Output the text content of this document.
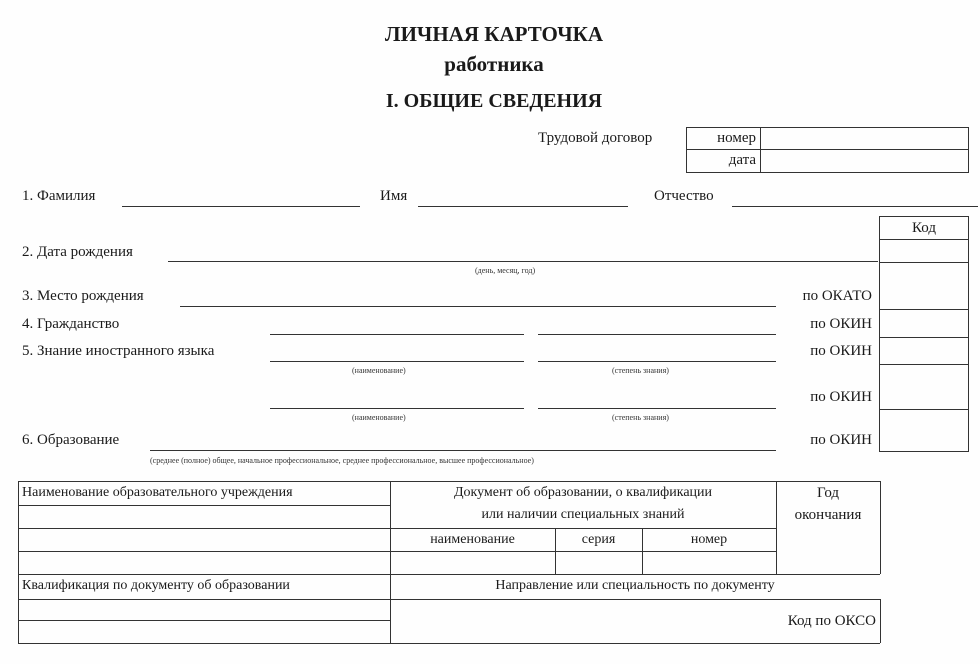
ЛИЧНАЯ КАРТОЧКА
работника
I. ОБЩИЕ СВЕДЕНИЯ
Трудовой договор	номер
дата
1. Фамилия	Имя	Отчество
Код
2. Дата рождения
(день, месяц, год)
3. Место рождения	по ОКАТО
4. Гражданство	по ОКИН
5. Знание иностранного языка	по ОКИН
(наименование)	(степень знания)
по ОКИН
(наименование)	(степень знания)
6. Образование	по ОКИН
(среднее (полное) общее, начальное профессиональное, среднее профессиональное, высшее профессиональное)
Наименование образовательного учреждения	Документ об образовании, о квалификации
или наличии специальных знаний
Год
окончания
наименование	серия	номер
Квалификация по документу об образовании	Направление или специальность по документу
Код по ОКСО
